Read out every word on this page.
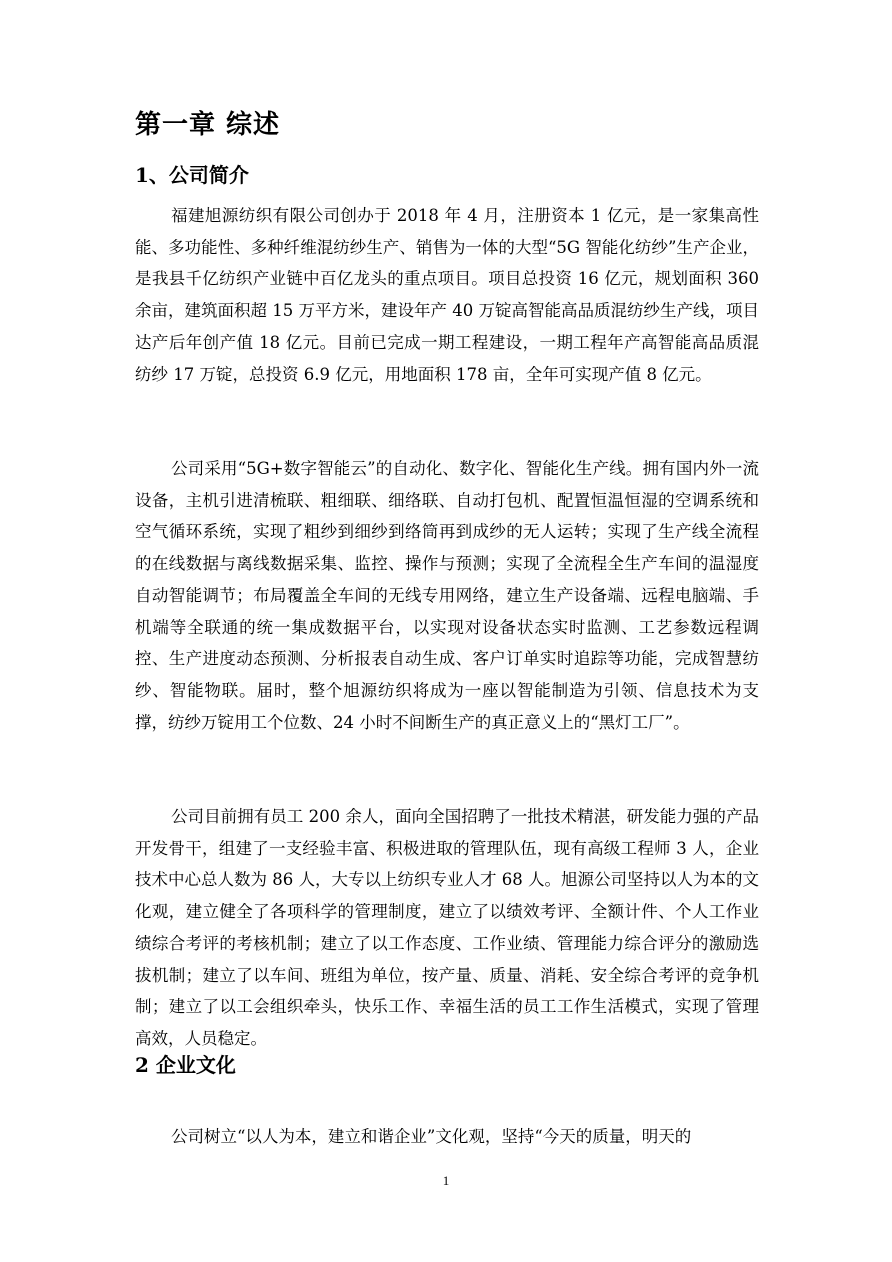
第一章 综述
1、公司简介

福建旭源纺织有限公司创办于 2018 年 4 月，注册资本 1 亿元，是一家集高性能、多功能性、多种纤维混纺纱生产、销售为一体的大型“5G 智能化纺纱”生产企业，是我县千亿纺织产业链中百亿龙头的重点项目。项目总投资 16 亿元，规划面积 360 余亩，建筑面积超 15 万平方米，建设年产 40 万锭高智能高品质混纺纱生产线，项目达产后年创产值 18 亿元。目前已完成一期工程建设，一期工程年产高智能高品质混纺纱 17 万锭，总投资 6.9 亿元，用地面积 178 亩，全年可实现产值 8 亿元。

公司采用“5G+数字智能云”的自动化、数字化、智能化生产线。拥有国内外一流设备，主机引进清梳联、粗细联、细络联、自动打包机、配置恒温恒湿的空调系统和空气循环系统，实现了粗纱到细纱到络筒再到成纱的无人运转；实现了生产线全流程的在线数据与离线数据采集、监控、操作与预测；实现了全流程全生产车间的温湿度自动智能调节；布局覆盖全车间的无线专用网络，建立生产设备端、远程电脑端、手机端等全联通的统一集成数据平台，以实现对设备状态实时监测、工艺参数远程调控、生产进度动态预测、分析报表自动生成、客户订单实时追踪等功能，完成智慧纺纱、智能物联。届时，整个旭源纺织将成为一座以智能制造为引领、信息技术为支撑，纺纱万锭用工个位数、24 小时不间断生产的真正意义上的“黑灯工厂”。

公司目前拥有员工 200 余人，面向全国招聘了一批技术精湛，研发能力强的产品开发骨干，组建了一支经验丰富、积极进取的管理队伍，现有高级工程师 3 人，企业技术中心总人数为 86 人，大专以上纺织专业人才 68 人。旭源公司坚持以人为本的文化观，建立健全了各项科学的管理制度，建立了以绩效考评、全额计件、个人工作业绩综合考评的考核机制；建立了以工作态度、工作业绩、管理能力综合评分的激励选拔机制；建立了以车间、班组为单位，按产量、质量、消耗、安全综合考评的竞争机制；建立了以工会组织牵头，快乐工作、幸福生活的员工工作生活模式，实现了管理高效，人员稳定。

2 企业文化

公司树立“以人为本，建立和谐企业”文化观，坚持“今天的质量，明天的

1
